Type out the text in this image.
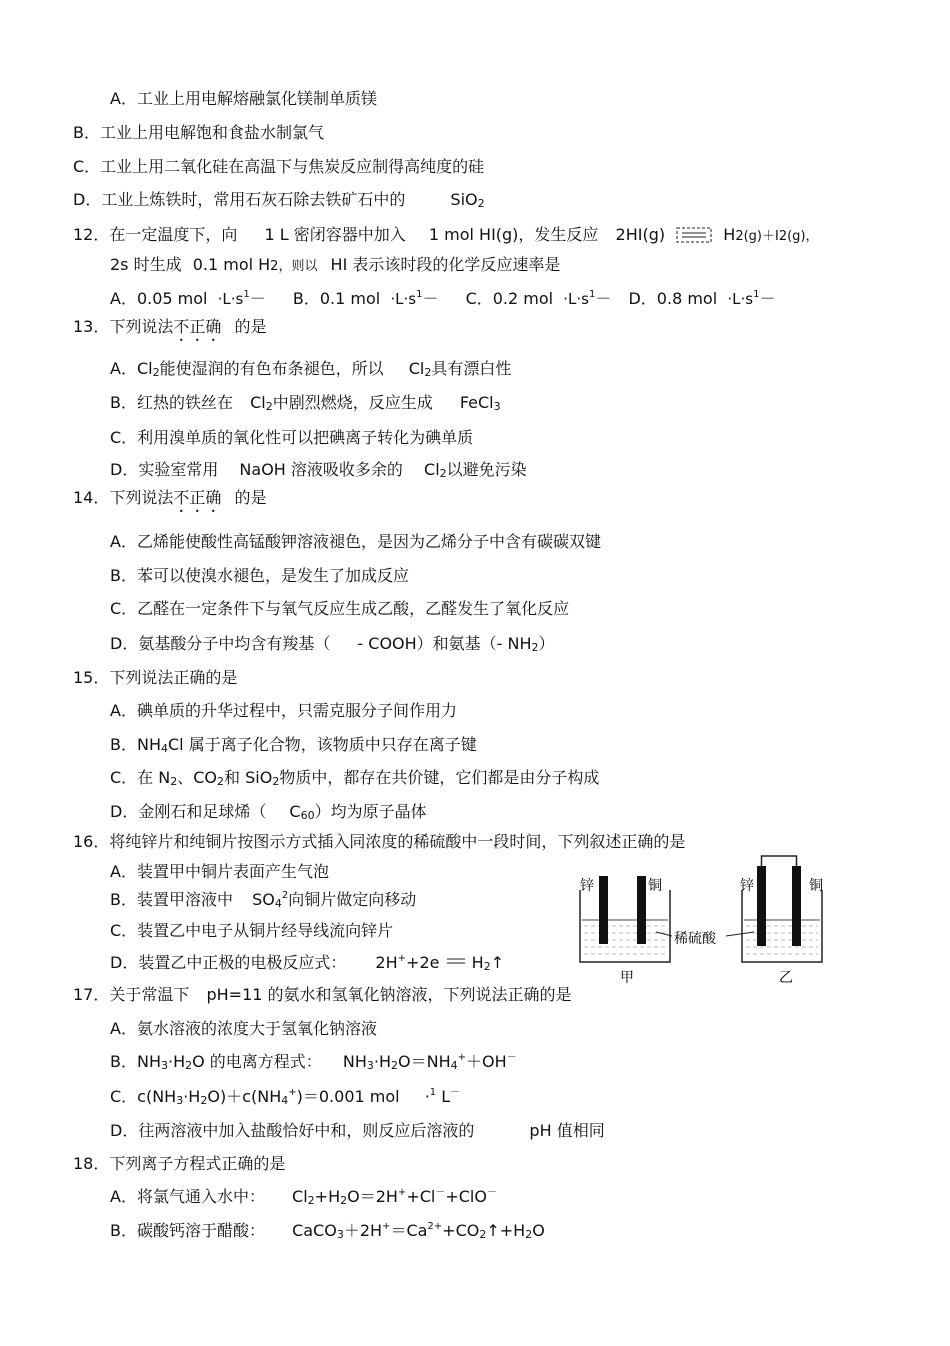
A．工业上用电解熔融氯化镁制单质镁
B．工业上用电解饱和食盐水制氯气
C．工业上用二氧化硅在高温下与焦炭反应制得高纯度的硅
D．工业上炼铁时，常用石灰石除去铁矿石中的	SiO$_2$
12．在一定温度下，向 1 L 密闭容器中加入 1 mol HI(g)，发生反应 2HI(g)	H2(g)＋I2(g)，
2s 时生成 0.1 mol H2，则以 HI 表示该时段的化学反应速率是
A．0.05 mol $\cdot L\cdot s^1- B$．0.1 mol $\cdot L\cdot s^1- C$．0.2 mol $\cdot L\cdot s^1- D$．0.8 mol $\cdot L\cdot s^1-$
13．下列说法不正确 的是
A．$Cl_2$能使湿润的有色布条褪色，所以 $Cl_2$具有漂白性
B．红热的铁丝在 $Cl_2$中剧烈燃烧，反应生成 FeCl$_3$
C．利用溴单质的氧化性可以把碘离子转化为碘单质
D．实验室常用 NaOH 溶液吸收多余的 $Cl_2$以避免污染
14．下列说法不正确 的是
A．乙烯能使酸性高锰酸钾溶液褪色，是因为乙烯分子中含有碳碳双键
B．苯可以使溴水褪色，是发生了加成反应
C．乙醛在一定条件下与氧气反应生成乙酸，乙醛发生了氧化反应
D．氨基酸分子中均含有羧基（ - COOH）和氨基（- $NH_2$）
15．下列说法正确的是
A．碘单质的升华过程中，只需克服分子间作用力
B．$NH_4Cl$ 属于离子化合物，该物质中只存在离子键
C．在 $N_2$、$CO_2$和 SiO$_2$物质中，都存在共价键，它们都是由分子构成
D．金刚石和足球烯（ $C_{60}$）均为原子晶体
16．将纯锌片和纯铜片按图示方式插入同浓度的稀硫酸中一段时间，下列叙述正确的是
A．装置甲中铜片表面产生气泡
B．装置甲溶液中 $SO_4^2$向铜片做定向移动
C．装置乙中电子从铜片经导线流向锌片
D．装置乙中正极的电极反应式： 2H++2e $H_2↑$
锌	铜	锌	铜
稀硫酸
甲	乙
17．关于常温下 pH=11 的氨水和氢氧化钠溶液，下列说法正确的是
A．氨水溶液的浓度大于氢氧化钠溶液
B．$NH_3\cdot H_2O$ 的电离方程式： $NH_3\cdot H_2O=NH_4^++OH^-$
C．$c(NH_3\cdot H_2O)+c(NH_4^+)=0.001$ mol ·$^1$ L－
D．往两溶液中加入盐酸恰好中和，则反应后溶液的	pH 值相同
18．下列离子方程式正确的是
A．将氯气通入水中： $Cl_2+H_2O=2H^++Cl^-+ClO^-$
B．碳酸钙溶于醋酸： $CaCO_3+2H^+=Ca^{2+}+CO_2↑+H_2O$
